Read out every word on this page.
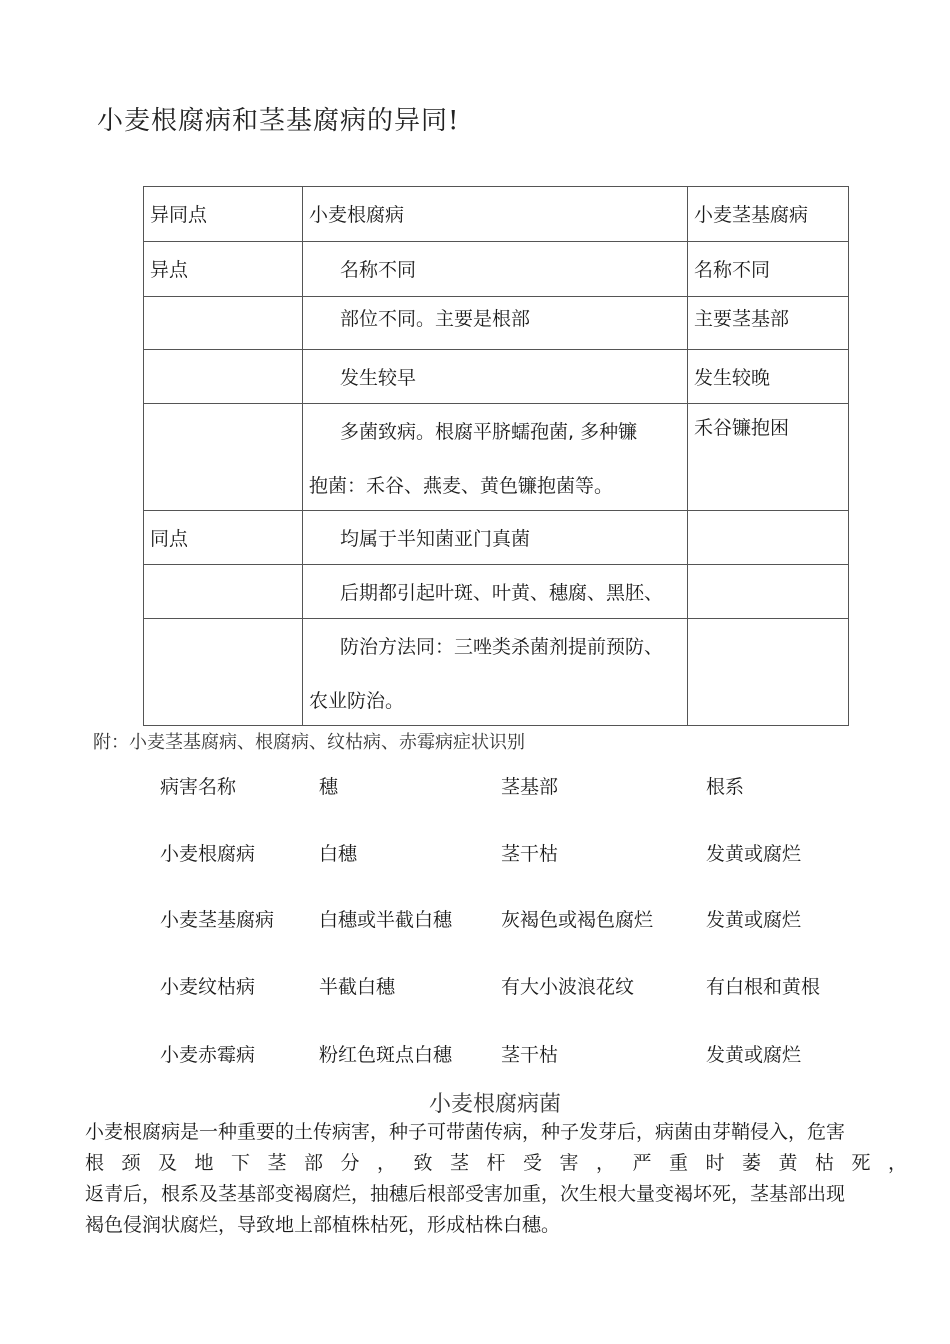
小麦根腐病和茎基腐病的异同!
异同点	小麦根腐病	小麦茎基腐病
异点	名称不同	名称不同

	部位不同。主要是根部	主要茎基部

	发生较早	发生较晚

	多菌致病。根腐平脐蠕孢菌, 多种镰
抱菌：禾谷、燕麦、黄色镰抱菌等。	禾谷镰抱困
同点	均属于半知菌亚门真菌	

	后期都引起叶斑、叶黄、穗腐、黑胚、	

	防治方法同：三唑类杀菌剂提前预防、
农业防治。	

附：小麦茎基腐病、根腐病、纹枯病、赤霉病症状识别
病害名称	穗	茎基部	根系
小麦根腐病	白穗	茎干枯	发黄或腐烂
小麦茎基腐病 白穗或半截白穗	灰褐色或褐色腐烂	发黄或腐烂
小麦纹枯病	半截白穗	有大小波浪花纹	有白根和黄根
小麦赤霉病	粉红色斑点白穗	茎干枯	发黄或腐烂
小麦根腐病菌
小麦根腐病是一种重要的土传病害，种子可带菌传病，种子发芽后，病菌由芽鞘侵入，危害
根颈及地下茎部分，致茎杆受害，严重时萎黄枯死，
返青后，根系及茎基部变褐腐烂，抽穗后根部受害加重，次生根大量变褐坏死，茎基部出现
褐色侵润状腐烂，导致地上部植株枯死，形成枯株白穗。
